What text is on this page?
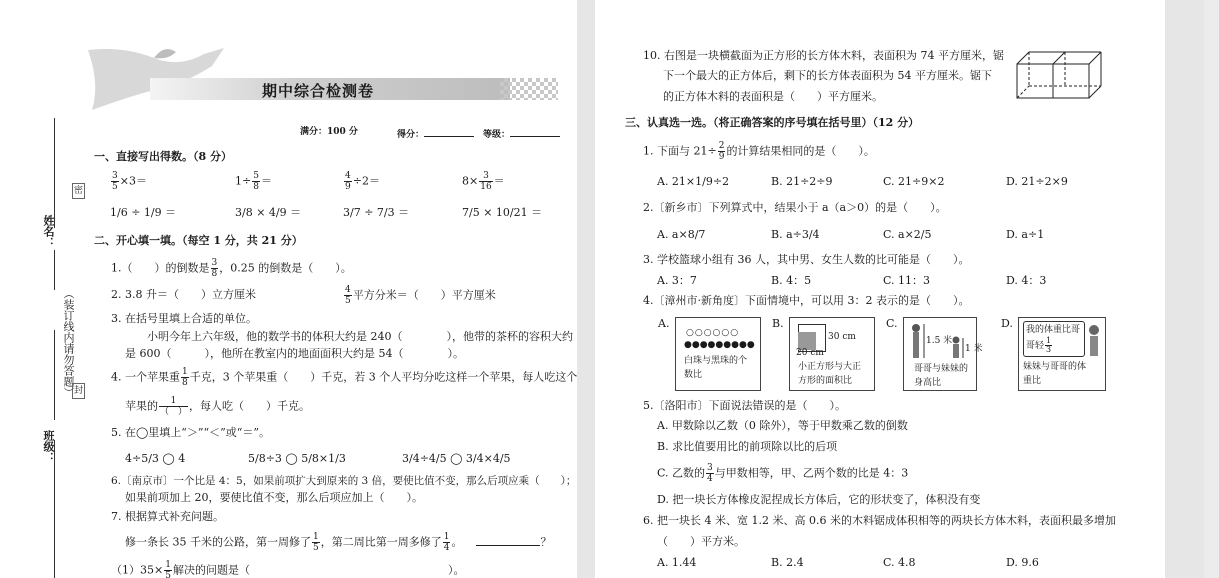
期中综合检测卷
满分：100 分	得分：	等级：
姓名：
班级：
（装订线内请勿答题）
密
封
一、直接写出得数。（8 分）
$\frac{3}{5} \times 3=$	$1\div \frac{5}{8}$ ＝	$\frac{4}{9} \div 2=$	$8\times \frac{3}{16}$ ＝
1/6 ÷ 1/9 ＝	3/8 × 4/9 ＝	3/7 ÷ 7/3 ＝	7/5 × 10/21 ＝
二、开心填一填。（每空 1 分，共 21 分）
1.（　　）的倒数是 $\frac{3}{8}$ ，0.25 的倒数是（　　）。
2. 3.8 升＝（　　）立方厘米	$\frac{4}{5}$ 平方分米＝（　　）平方厘米
3. 在括号里填上合适的单位。
小明今年上六年级，他的数学书的体积大约是 240（　　　　），他带的茶杯的容积大约
是 600（　　　），他所在教室内的地面面积大约是 54（　　　　）。
4. 一个苹果重 $\frac{1}{8}$ 千克，3 个苹果重（　　）千克，若 3 个人平均分吃这样一个苹果，每人吃这个
苹果的 $\frac{1}{( )}$ ，每人吃（　　）千克。
5. 在◯里填上“＞”“＜”或“＝”。
4÷5/3 ◯ 4	5/8÷3 ◯ 5/8×1/3	3/4÷4/5 ◯ 3/4×4/5
6.〔南京市〕一个比是 4：5，如果前项扩大到原来的 3 倍，要使比值不变，那么后项应乘（　　）；
如果前项加上 20，要使比值不变，那么后项应加上（　　）。
7. 根据算式补充问题。
修一条长 35 千米的公路，第一周修了 $\frac{1}{5}$ ，第二周比第一周多修了 $\frac{1}{4}$ 。	？
$(1)35\times \frac{1}{5}$ 解决的问题是（　　　　　　　　　　　　　　　　　　）。
10. 右图是一块横截面为正方形的长方体木料，表面积为 74 平方厘米，锯
下一个最大的正方体后，剩下的长方体表面积为 54 平方厘米。锯下
的正方体木料的表面积是（　　）平方厘米。
三、认真选一选。（将正确答案的序号填在括号里）（12 分）
1. 下面与 $21\div \frac{2}{9}$ 的计算结果相同的是（　　）。
A. 21×1/9÷2	B. 21÷2÷9	C. 21÷9×2	D. 21÷2×9
2.〔新乡市〕下列算式中，结果小于 a（a＞0）的是（　　）。
A. a×8/7	B. a÷3/4	C. a×2/5	D. a÷1
3. 学校篮球小组有 36 人，其中男、女生人数的比可能是（　　）。
A. 3：7	B. 4：5	C. 11：3	D. 4：3
4.〔漳州市·新角度〕下面情境中，可以用 3：2 表示的是（　　）。
A.
○○○○○○
●●●●●●●●●
白珠与黑珠的个
数比
B.
30 cm
20 cm
小正方形与大正
方形的面积比
C.
1.5 米
1 米
哥哥与妹妹的
身高比
D. 我的体重比哥
哥轻 $\frac{1}{3}$
妹妹与哥哥的体
重比
5.〔洛阳市〕下面说法错误的是（　　）。
A. 甲数除以乙数（0 除外），等于甲数乘乙数的倒数
B. 求比值要用比的前项除以比的后项
C. 乙数的 $\frac{3}{4}$ 与甲数相等，甲、乙两个数的比是 4：3
D. 把一块长方体橡皮泥捏成长方体后，它的形状变了，体积没有变
6. 把一块长 4 米、宽 1.2 米、高 0.6 米的木料锯成体积相等的两块长方体木料，表面积最多增加
（　　）平方米。
A. 1.44	B. 2.4	C. 4.8	D. 9.6
